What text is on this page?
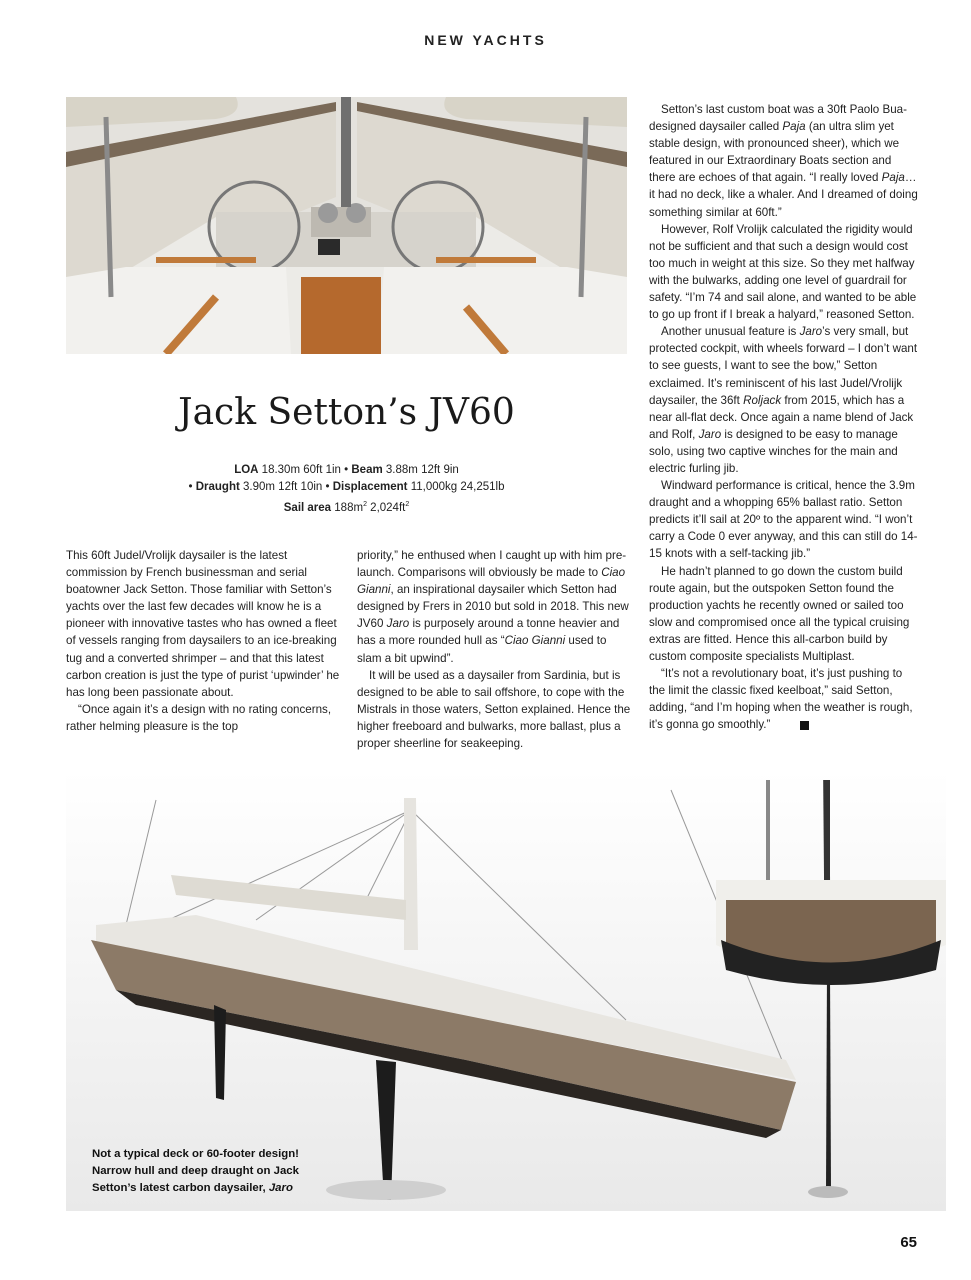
NEW YACHTS
Jack Setton’s JV60
LOA 18.30m 60ft 1in • Beam 3.88m 12ft 9in
• Draught 3.90m 12ft 10in • Displacement 11,000kg 24,251lb
Sail area $188m^2$ $2,024ft^2$

This 60ft Judel/Vrolijk daysailer is the latest commission by French businessman and serial boatowner Jack Setton. Those familiar with Setton’s yachts over the last few decades will know he is a pioneer with innovative tastes who has owned a fleet of vessels ranging from daysailers to an ice-breaking tug and a converted shrimper – and that this latest carbon creation is just the type of purist ‘upwinder’ he has long been passionate about.

“Once again it’s a design with no rating concerns, rather helming pleasure is the top

priority,” he enthused when I caught up with him pre-launch. Comparisons will obviously be made to Ciao Gianni, an inspirational daysailer which Setton had designed by Frers in 2010 but sold in 2018. This new JV60 Jaro is purposely around a tonne heavier and has a more rounded hull as “Ciao Gianni used to slam a bit upwind”.

It will be used as a daysailer from Sardinia, but is designed to be able to sail offshore, to cope with the Mistrals in those waters, Setton explained. Hence the higher freeboard and bulwarks, more ballast, plus a proper sheerline for seakeeping.

Setton’s last custom boat was a 30ft Paolo Bua-designed daysailer called Paja (an ultra slim yet stable design, with pronounced sheer), which we featured in our Extraordinary Boats section and there are echoes of that again. “I really loved Paja… it had no deck, like a whaler. And I dreamed of doing something similar at 60ft.”

However, Rolf Vrolijk calculated the rigidity would not be sufficient and that such a design would cost too much in weight at this size. So they met halfway with the bulwarks, adding one level of guardrail for safety. “I’m 74 and sail alone, and wanted to be able to go up front if I break a halyard,” reasoned Setton.

Another unusual feature is Jaro’s very small, but protected cockpit, with wheels forward – I don’t want to see guests, I want to see the bow,” Setton exclaimed. It’s reminiscent of his last Judel/Vrolijk daysailer, the 36ft Roljack from 2015, which has a near all-flat deck. Once again a name blend of Jack and Rolf, Jaro is designed to be easy to manage solo, using two captive winches for the main and electric furling jib.

Windward performance is critical, hence the 3.9m draught and a whopping 65% ballast ratio. Setton predicts it’ll sail at 20º to the apparent wind. “I won’t carry a Code 0 ever anyway, and this can still do 14-15 knots with a self-tacking jib.”

He hadn’t planned to go down the custom build route again, but the outspoken Setton found the production yachts he recently owned or sailed too slow and compromised once all the typical cruising extras are fitted. Hence this all-carbon build by custom composite specialists Multiplast.

“It’s not a revolutionary boat, it’s just pushing to the limit the classic fixed keelboat,” said Setton, adding, “and I’m hoping when the weather is rough, it’s gonna go smoothly.”

Not a typical deck or 60-footer design! Narrow hull and deep draught on Jack Setton’s latest carbon daysailer, Jaro
65
